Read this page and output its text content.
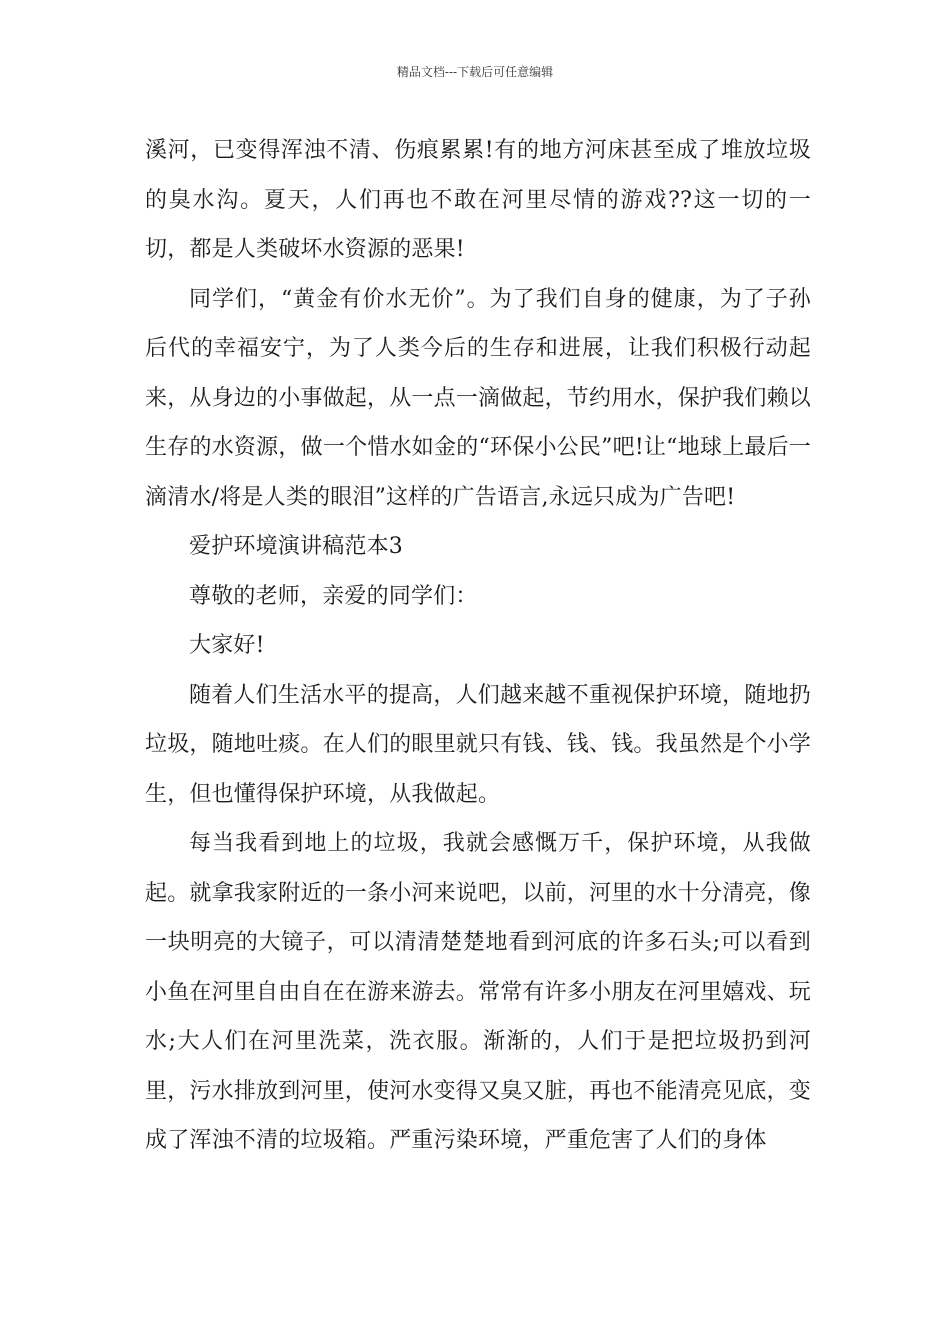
精品文档---下载后可任意编辑

溪河，已变得浑浊不清、伤痕累累!有的地方河床甚至成了堆放垃圾的臭水沟。夏天，人们再也不敢在河里尽情的游戏??这一切的一切，都是人类破坏水资源的恶果!

同学们，“黄金有价水无价”。为了我们自身的健康，为了子孙后代的幸福安宁，为了人类今后的生存和进展，让我们积极行动起来，从身边的小事做起，从一点一滴做起，节约用水，保护我们赖以生存的水资源，做一个惜水如金的“环保小公民”吧!让“地球上最后一滴清水/将是人类的眼泪”这样的广告语言,永远只成为广告吧!

爱护环境演讲稿范本3

尊敬的老师，亲爱的同学们：

大家好!

随着人们生活水平的提高，人们越来越不重视保护环境，随地扔垃圾，随地吐痰。在人们的眼里就只有钱、钱、钱。我虽然是个小学生，但也懂得保护环境，从我做起。

每当我看到地上的垃圾，我就会感慨万千，保护环境，从我做起。就拿我家附近的一条小河来说吧，以前，河里的水十分清亮，像一块明亮的大镜子，可以清清楚楚地看到河底的许多石头;可以看到小鱼在河里自由自在在游来游去。常常有许多小朋友在河里嬉戏、玩水;大人们在河里洗菜，洗衣服。渐渐的，人们于是把垃圾扔到河里，污水排放到河里，使河水变得又臭又脏，再也不能清亮见底，变成了浑浊不清的垃圾箱。严重污染环境，严重危害了人们的身体
